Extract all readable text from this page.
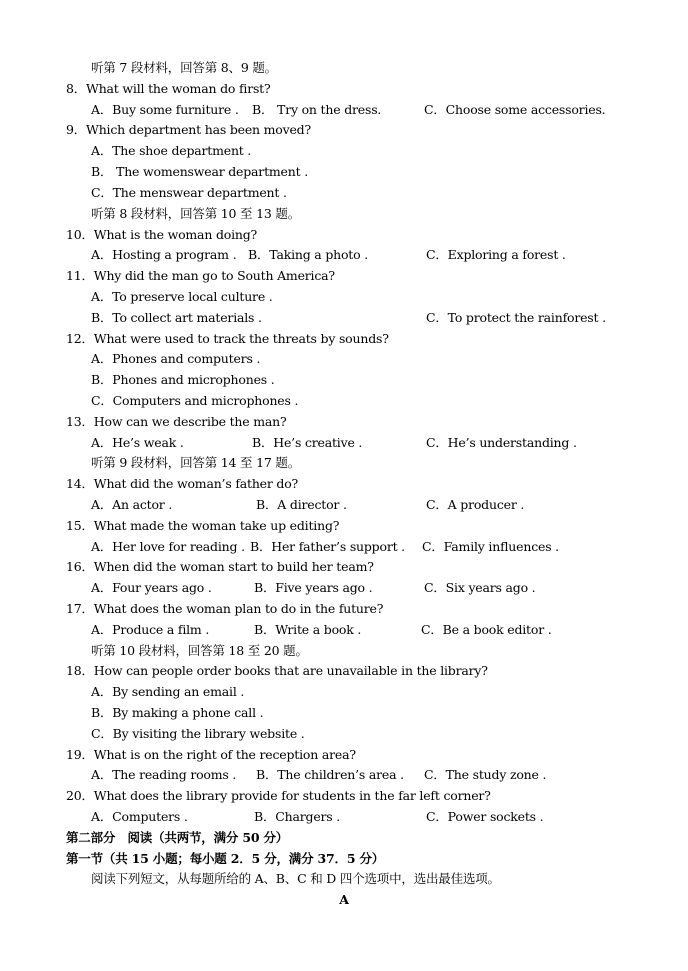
听第 7 段材料，回答第 8、9 题。
8．What will the woman do first?
A．Buy some furniture . B． Try on the dress.	C．Choose some accessories.
9．Which department has been moved?
A．The shoe department .
B． The womenswear department .
C．The menswear department .
听第 8 段材料，回答第 10 至 13 题。
10．What is the woman doing?
A．Hosting a program . B．Taking a photo .	C．Exploring a forest .
11．Why did the man go to South America?
A．To preserve local culture .
B．To collect art materials .	C．To protect the rainforest .
12．What were used to track the threats by sounds?
A．Phones and computers .
B．Phones and microphones .
C．Computers and microphones .
13．How can we describe the man?
A．He’s weak .	B．He’s creative .	C．He’s understanding .
听第 9 段材料，回答第 14 至 17 题。
14．What did the woman’s father do?
A．An actor .	B．A director .	C．A producer .
15．What made the woman take up editing?
A．Her love for reading . B．Her father’s support . C．Family influences .
16．When did the woman start to build her team?
A．Four years ago .	B．Five years ago .	C．Six years ago .
17．What does the woman plan to do in the future?
A．Produce a film .	B．Write a book .	C．Be a book editor .
听第 10 段材料，回答第 18 至 20 题。
18．How can people order books that are unavailable in the library?
A．By sending an email .
B．By making a phone call .
C．By visiting the library website .
19．What is on the right of the reception area?
A．The reading rooms . B．The children’s area . C．The study zone .
20．What does the library provide for students in the far left corner?
A．Computers .	B．Chargers .	C．Power sockets .
第二部分　阅读（共两节，满分 50 分）
第一节（共 15 小题；每小题 2．5 分，满分 37．5 分）
阅读下列短文，从每题所给的 A、B、C 和 D 四个选项中，选出最佳选项。
A
